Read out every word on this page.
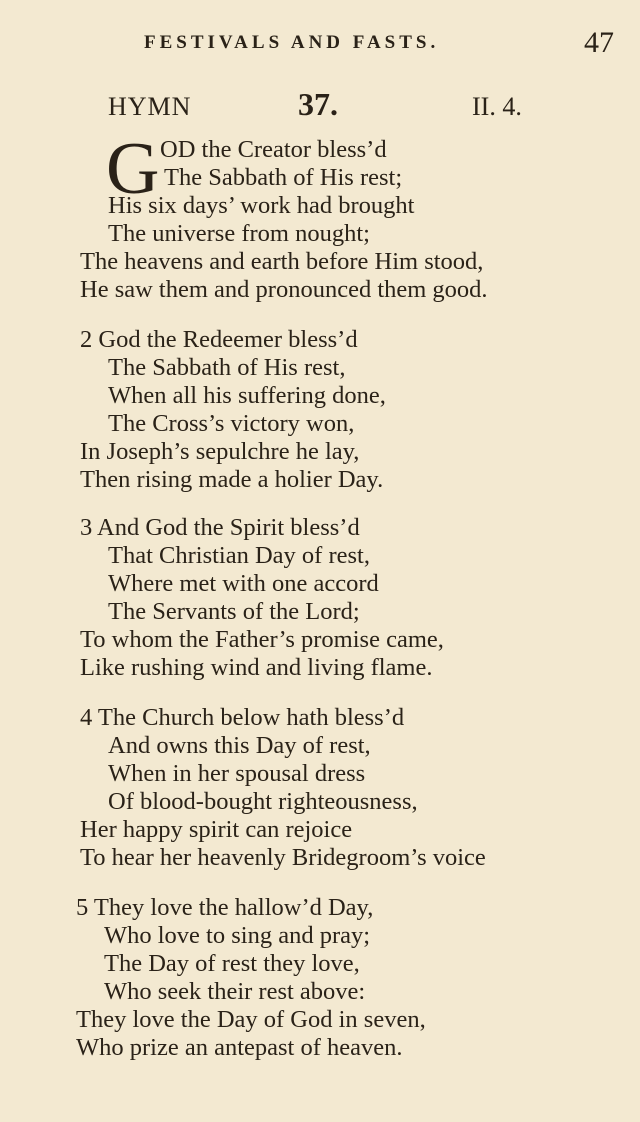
FESTIVALS AND FASTS.	47
HYMN	37.	II. 4.
G OD the Creator bless’d
The Sabbath of His rest;
His six days’ work had brought
The universe from nought;
The heavens and earth before Him stood,
He saw them and pronounced them good.
2 God the Redeemer bless’d
The Sabbath of His rest,
When all his suffering done,
The Cross’s victory won,
In Joseph’s sepulchre he lay,
Then rising made a holier Day.
3 And God the Spirit bless’d
That Christian Day of rest,
Where met with one accord
The Servants of the Lord;
To whom the Father’s promise came,
Like rushing wind and living flame.
4 The Church below hath bless’d
And owns this Day of rest,
When in her spousal dress
Of blood-bought righteousness,
Her happy spirit can rejoice
To hear her heavenly Bridegroom’s voice
5 They love the hallow’d Day,
Who love to sing and pray;
The Day of rest they love,
Who seek their rest above:
They love the Day of God in seven,
Who prize an antepast of heaven.
